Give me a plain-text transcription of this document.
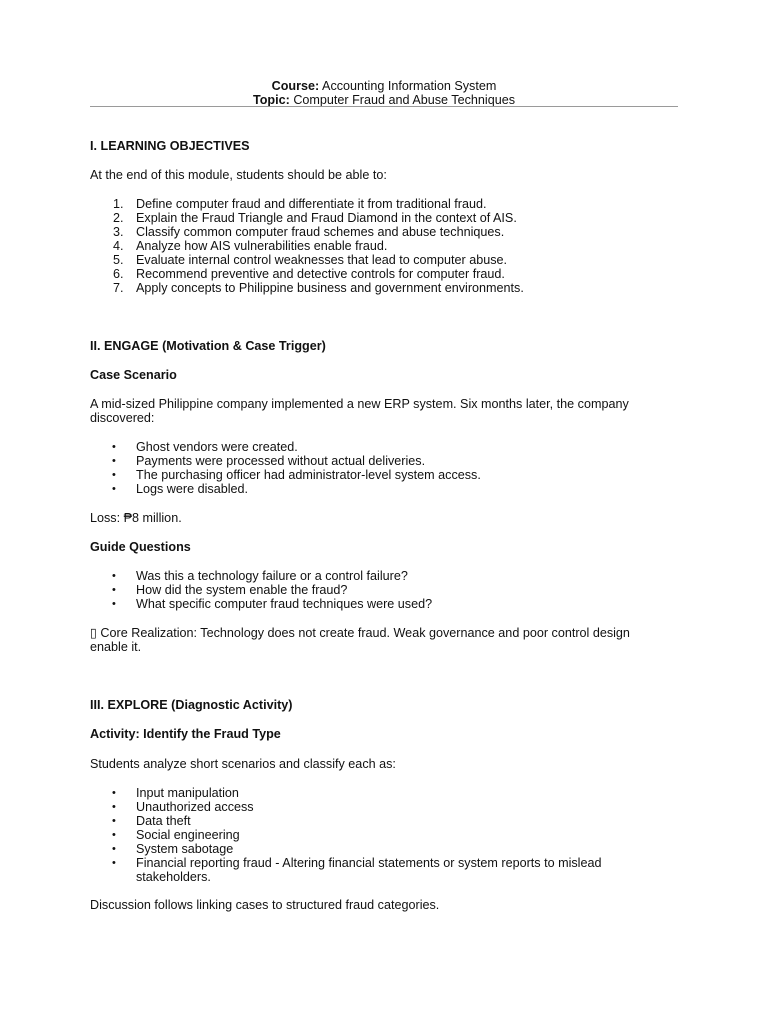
Course: Accounting Information System
Topic: Computer Fraud and Abuse Techniques
I. LEARNING OBJECTIVES
At the end of this module, students should be able to:
1. Define computer fraud and differentiate it from traditional fraud.
2. Explain the Fraud Triangle and Fraud Diamond in the context of AIS.
3. Classify common computer fraud schemes and abuse techniques.
4. Analyze how AIS vulnerabilities enable fraud.
5. Evaluate internal control weaknesses that lead to computer abuse.
6. Recommend preventive and detective controls for computer fraud.
7. Apply concepts to Philippine business and government environments.
II. ENGAGE (Motivation & Case Trigger)
Case Scenario
A mid-sized Philippine company implemented a new ERP system. Six months later, the company discovered:
•	Ghost vendors were created.
•	Payments were processed without actual deliveries.
•	The purchasing officer had administrator-level system access.
•	Logs were disabled.
Loss: ₱8 million.
Guide Questions
•	Was this a technology failure or a control failure?
•	How did the system enable the fraud?
•	What specific computer fraud techniques were used?
▯ Core Realization: Technology does not create fraud. Weak governance and poor control design enable it.
III. EXPLORE (Diagnostic Activity)
Activity: Identify the Fraud Type
Students analyze short scenarios and classify each as:
•	Input manipulation
•	Unauthorized access
•	Data theft
•	Social engineering
•	System sabotage
•	Financial reporting fraud - Altering financial statements or system reports to mislead stakeholders.
Discussion follows linking cases to structured fraud categories.
